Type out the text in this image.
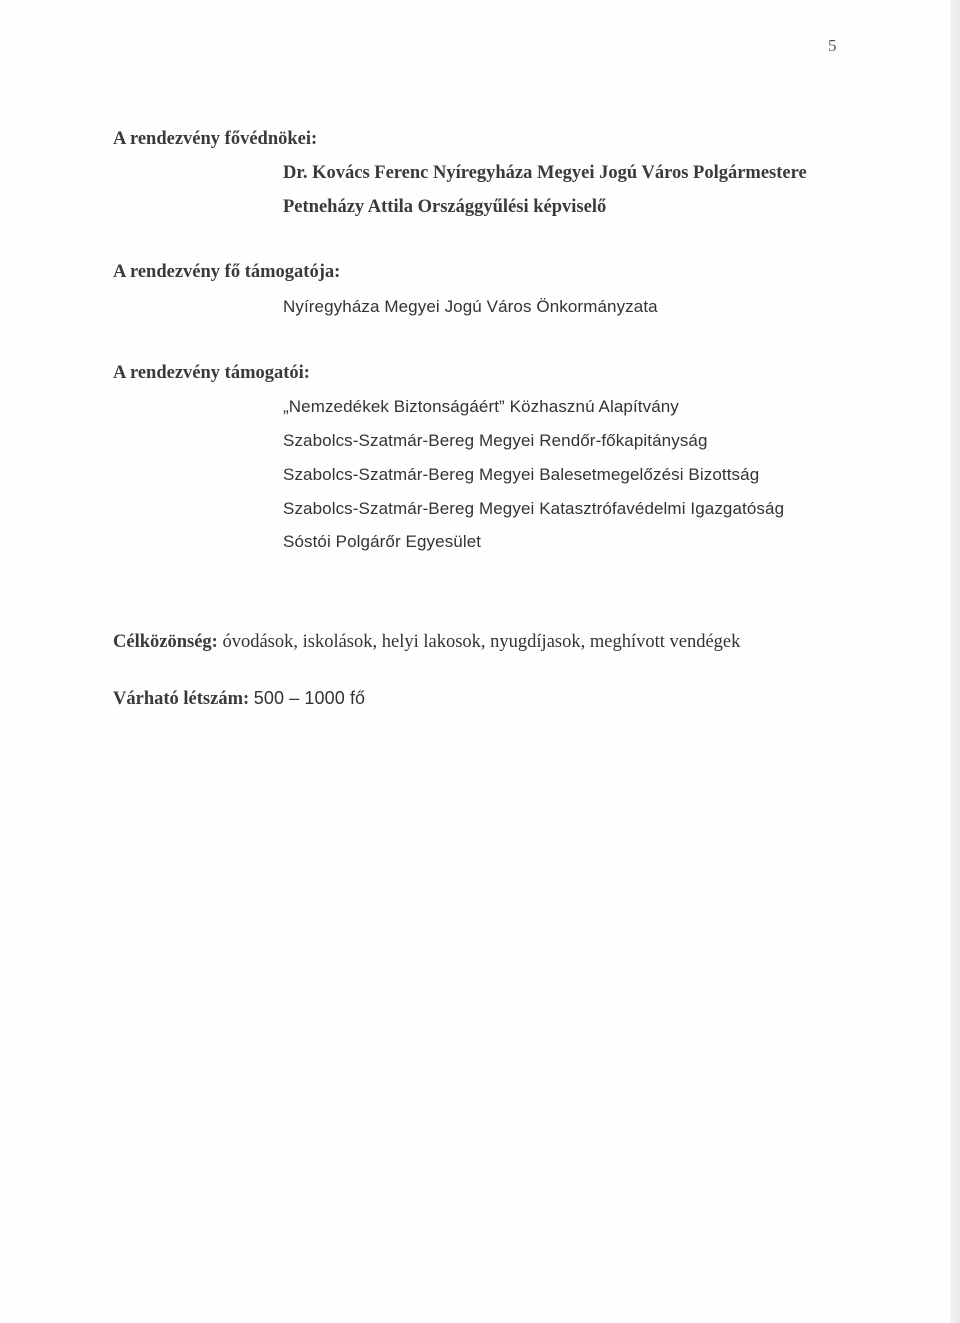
5
A rendezvény fővédnökei:
Dr. Kovács Ferenc Nyíregyháza Megyei Jogú Város Polgármestere
Petneházy Attila Országgyűlési képviselő
A rendezvény fő támogatója:
Nyíregyháza Megyei Jogú Város Önkormányzata
A rendezvény támogatói:
„Nemzedékek Biztonságáért” Közhasznú Alapítvány
Szabolcs-Szatmár-Bereg Megyei Rendőr-főkapitányság
Szabolcs-Szatmár-Bereg Megyei Balesetmegelőzési Bizottság
Szabolcs-Szatmár-Bereg Megyei Katasztrófavédelmi Igazgatóság
Sóstói Polgárőr Egyesület
Célközönség: óvodások, iskolások, helyi lakosok, nyugdíjasok, meghívott vendégek
Várható létszám: 500 – 1000 fő
